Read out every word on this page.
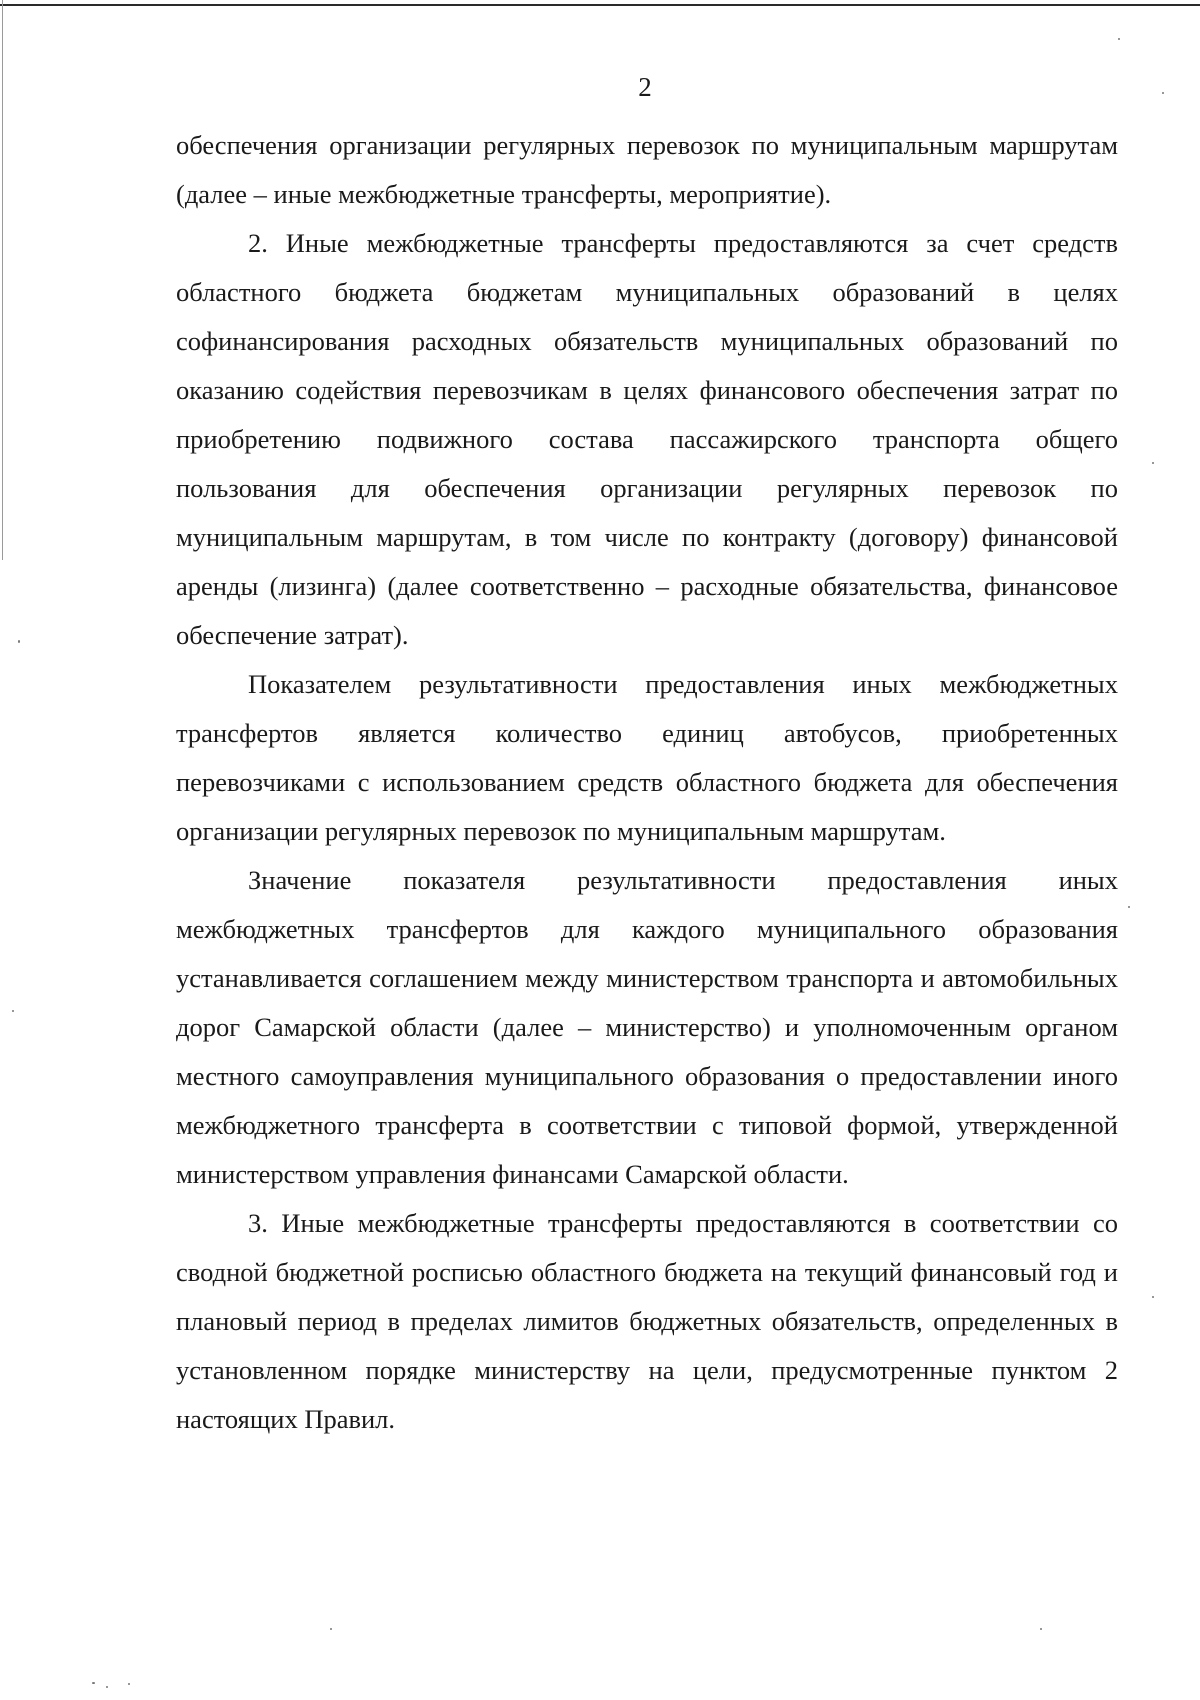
2

обеспечения организации регулярных перевозок по муниципальным маршрутам (далее – иные межбюджетные трансферты, мероприятие).

2. Иные межбюджетные трансферты предоставляются за счет средств областного бюджета бюджетам муниципальных образований в целях софинансирования расходных обязательств муниципальных образований по оказанию содействия перевозчикам в целях финансового обеспечения затрат по приобретению подвижного состава пассажирского транспорта общего пользования для обеспечения организации регулярных перевозок по муниципальным маршрутам, в том числе по контракту (договору) финансовой аренды (лизинга) (далее соответственно – расходные обязательства, финансовое обеспечение затрат).

Показателем результативности предоставления иных межбюджетных трансфертов является количество единиц автобусов, приобретенных перевозчиками с использованием средств областного бюджета для обеспечения организации регулярных перевозок по муниципальным маршрутам.

Значение показателя результативности предоставления иных межбюджетных трансфертов для каждого муниципального образования устанавливается соглашением между министерством транспорта и автомобильных дорог Самарской области (далее – министерство) и уполномоченным органом местного самоуправления муниципального образования о предоставлении иного межбюджетного трансферта в соответствии с типовой формой, утвержденной министерством управления финансами Самарской области.

3. Иные межбюджетные трансферты предоставляются в соответствии со сводной бюджетной росписью областного бюджета на текущий финансовый год и плановый период в пределах лимитов бюджетных обязательств, определенных в установленном порядке министерству на цели, предусмотренные пунктом 2 настоящих Правил.
